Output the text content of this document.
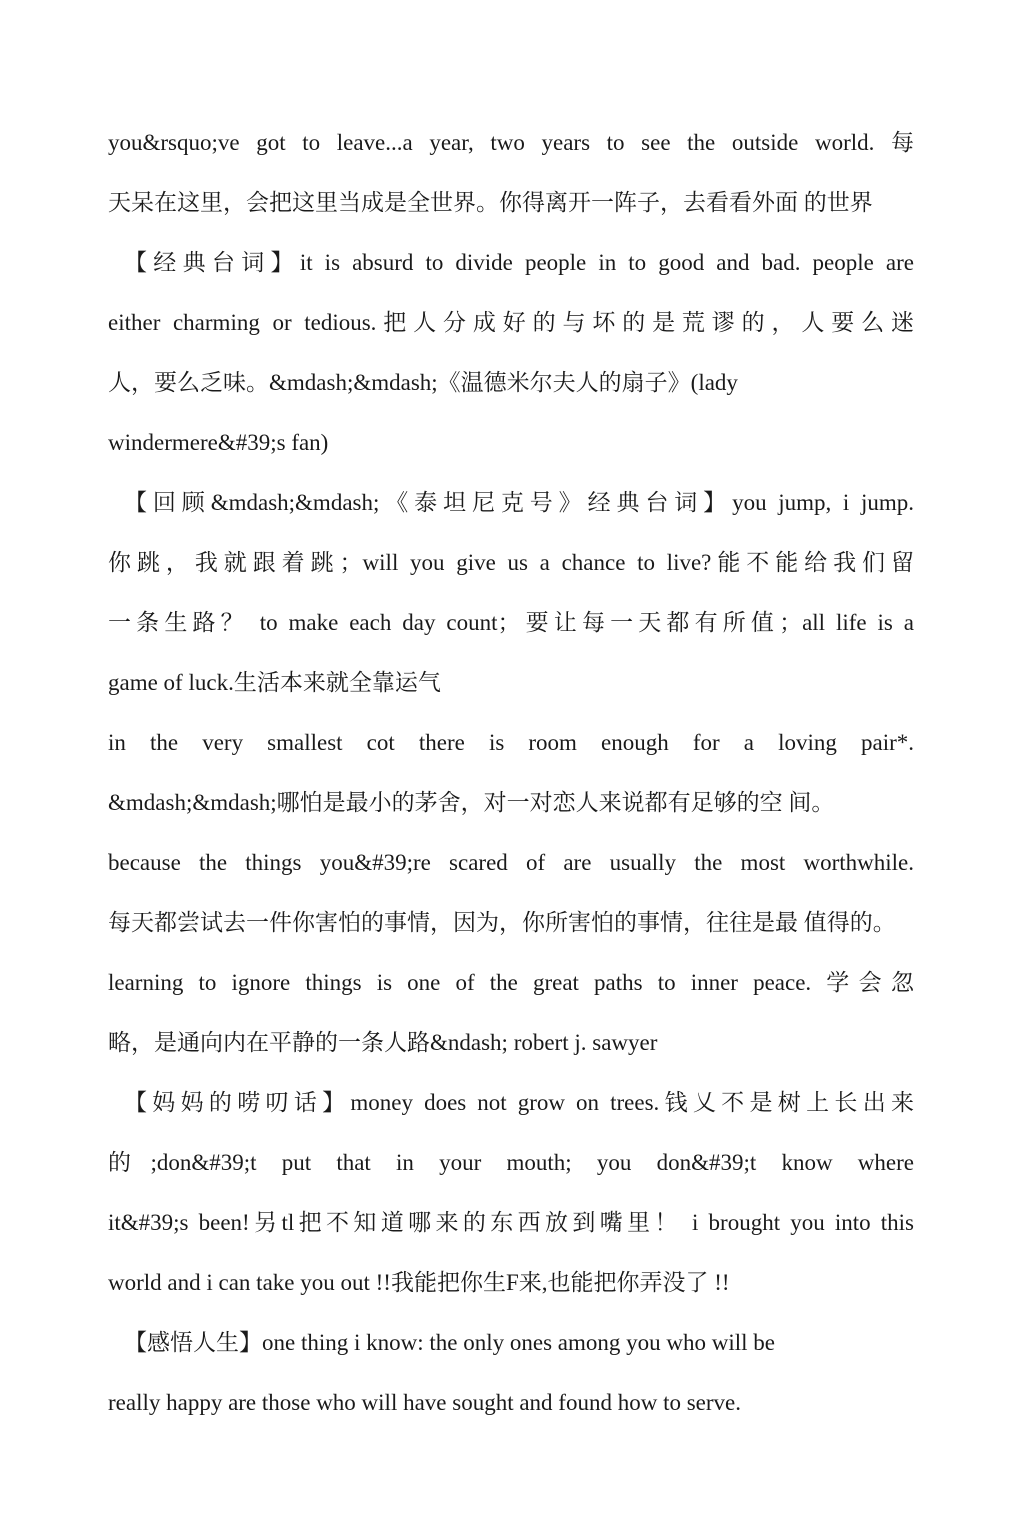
you&rsquo;ve got to leave...a year, two years to see the outside world. 每
天呆在这里，会把这里当成是全世界。你得离开一阵子，去看看外面 的世界
【经典台词】it is absurd to divide people in to good and bad. people are
either charming or tedious.把人分成好的与坏的是荒谬的，人要么迷
人，要么乏味。&mdash;&mdash;《温德米尔夫人的扇子》(lady
windermere&#39;s fan)
【回顾&mdash;&mdash;《泰坦尼克号》经典台词】you jump, i jump.
你跳，我就跟着跳；will you give us a chance to live?能不能给我们留
一条生路？ to make each day count；要让每一天都有所值；all life is a
game of luck.生活本来就全靠运气
in the very smallest cot there is room enough for a loving pair*.
&mdash;&mdash;哪怕是最小的茅舍，对一对恋人来说都有足够的空 间。
because the things you&#39;re scared of are usually the most worthwhile.
每天都尝试去一件你害怕的事情，因为，你所害怕的事情，往往是最 值得的。
learning to ignore things is one of the great paths to inner peace. 学会忽
略，是通向内在平静的一条人路&ndash; robert j. sawyer
【妈妈的唠叨话】money does not grow on trees.钱乂不是树上长出来
的;don&#39;t put that in your mouth; you don&#39;t know where
it&#39;s been!另tl把不知道哪来的东西放到嘴里！ i brought you into this
world and i can take you out !!我能把你生F来,也能把你弄没了 !!
【感悟人生】one thing i know: the only ones among you who will be
really happy are those who will have sought and found how to serve.
